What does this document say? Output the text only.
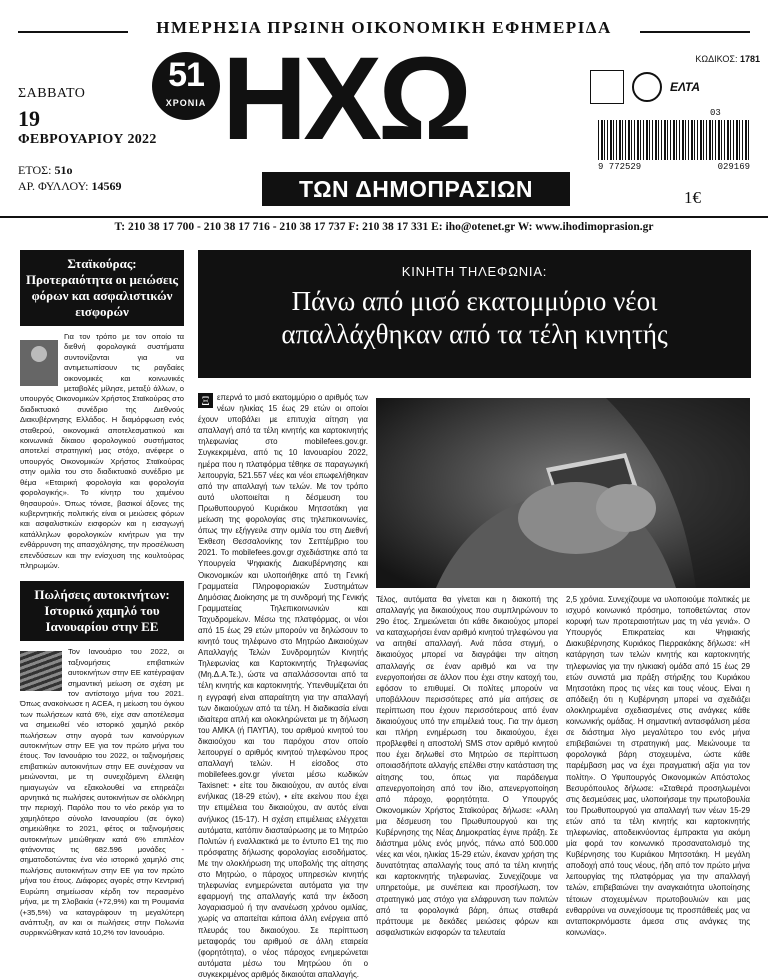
ΗΜΕΡΗΣΙΑ ΠΡΩΙΝΗ ΟΙΚΟΝΟΜΙΚΗ ΕΦΗΜΕΡΙΔΑ
ΣΑΒΒΑΤΟ
19
ΦΕΒΡΟΥΑΡΙΟΥ 2022
ΕΤΟΣ: 51ο
ΑΡ. ΦΥΛΛΟΥ: 14569
51
ΧΡΟΝΙΑ ΗΧΩ
ΤΩΝ ΔΗΜΟΠΡΑΣΙΩΝ
ΚΩΔΙΚΟΣ: 1781
ΕΛΤΑ
03
9 772529	029169
1€
T: 210 38 17 700 - 210 38 17 716 - 210 38 17 737 F: 210 38 17 331 E: iho@otenet.gr W: www.ihodimoprasion.gr
Σταϊκούρας: Προτεραιότητα οι μειώσεις φόρων και ασφαλιστικών εισφορών
Για τον τρόπο με τον οποίο τα διεθνή φορολογικά συστήματα συντονίζονται για να αντιμετωπίσουν τις ραγδαίες οικονομικές και κοινωνικές μεταβολές μίλησε, μεταξύ άλλων, ο υπουργός Οικονομικών Χρήστος Σταϊκούρας στο διαδικτυακό συνέδριο της Διεθνούς Διακυβέρνησης Ελλάδος. Η διαμόρφωση ενός σταθερού, οικονομικά αποτελεσματικού και κοινωνικά δίκαιου φορολογικού συστήματος αποτελεί στρατηγική μας στόχο, ανέφερε ο υπουργός Οικονομικών Χρήστος Σταϊκούρας στην ομιλία του στο διαδικτυακό συνέδριο με θέμα «Εταιρική φορολογία και φορολογία φορολογικής». Το κίνητρ του χαμένου θησαυρού». Όπως τόνισε, βασικοί άξονες της κυβερνητικής πολιτικής είναι οι μειώσεις φόρων και ασφαλιστικών εισφορών και η εισαγωγή κατάλληλων φορολογικών κινήτρων για την ενθάρρυνση της απασχόλησης, την προσέλκυση επενδύσεων και την ενίσχυση της κουλτούρας πληρωμών.
Πωλήσεις αυτοκινήτων: Ιστορικό χαμηλό του Ιανουαρίου στην ΕΕ
Τον Ιανουάριο του 2022, οι ταξινομήσεις επιβατικών αυτοκινήτων στην ΕΕ κατέγραψαν σημαντική μείωση σε σχέση με τον αντίστοιχο μήνα του 2021. Όπως ανακοίνωσε η ACEA, η μείωση του όγκου των πωλήσεων κατά 6%, είχε σαν αποτέλεσμα να σημειωθεί νέο ιστορικό χαμηλό ρεκόρ πωλήσεων στην αγορά των καινούργιων αυτοκινήτων στην ΕΕ για τον πρώτο μήνα του έτους. Τον Ιανουάριο του 2022, οι ταξινομήσεις επιβατικών αυτοκινήτων στην ΕΕ συνέχισαν να μειώνονται, με τη συνεχιζόμενη έλλειψη ημιαγωγών να εξακολουθεί να επηρεάζει αρνητικά τις πωλήσεις αυτοκινήτων σε ολόκληρη την περιοχή. Παρόλο που το νέο ρεκόρ για το χαμηλότερο σύνολο Ιανουαρίου (σε όγκο) σημειώθηκε το 2021, φέτος οι ταξινομήσεις αυτοκινήτων μειώθηκαν κατά 6% επιπλέον φτάνοντας τις 682.596 μονάδες - σηματοδοτώντας ένα νέο ιστορικό χαμηλό στις πωλήσεις αυτοκινήτων στην ΕΕ για τον πρώτο μήνα του έτους. Διάφορες αγορές στην Κεντρική Ευρώπη σημείωσαν κέρδη τον περασμένο μήνα, με τη Σλοβακία (+72,9%) και τη Ρουμανία (+35,5%) να καταγράφουν τη μεγαλύτερη ανάπτυξη, αν και οι πωλήσεις στην Πολωνία συρρικνώθηκαν κατά 10,2% τον Ιανουάριο.
ΚΙΝΗΤΗ ΤΗΛΕΦΩΝΙΑ:
Πάνω από μισό εκατομμύριο νέοι
απαλλάχθηκαν από τα τέλη κινητής
Ξ επερνά το μισό εκατομμύριο ο αριθμός των νέων ηλικίας 15 έως 29 ετών οι οποίοι έχουν υποβάλει με επιτυχία αίτηση για απαλλαγή από τα τέλη κινητής και καρτοκινητής τηλεφωνίας στο mobilefees.gov.gr. Συγκεκριμένα, από τις 10 Ιανουαρίου 2022, ημέρα που η πλατφόρμα τέθηκε σε παραγωγική λειτουργία, 521.557 νέες και νέοι επωφελήθηκαν από την απαλλαγή των τελών. Με τον τρόπο αυτό υλοποιείται η δέσμευση του Πρωθυπουργού Κυριάκου Μητσοτάκη για μείωση της φορολογίας στις τηλεπικοινωνίες, όπως την εξήγγειλε στην ομιλία του στη Διεθνή Έκθεση Θεσσαλονίκης τον Σεπτέμβριο του 2021. Το mobilefees.gov.gr σχεδιάστηκε από τα Υπουργεία Ψηφιακής Διακυβέρνησης και Οικονομικών και υλοποιήθηκε από τη Γενική Γραμματεία Πληροφοριακών Συστημάτων Δημόσιας Διοίκησης με τη συνδρομή της Γενικής Γραμματείας Τηλεπικοινωνιών και Ταχυδρομείων. Μέσω της πλατφόρμας, οι νέοι από 15 έως 29 ετών μπορούν να δηλώσουν το κινητό τους τηλέφωνο στο Μητρώο Δικαιούχων Απαλλαγής Τελών Συνδρομητών Κινητής Τηλεφωνίας και Καρτοκινητής Τηλεφωνίας (Μη.Δ.Α.Τε.), ώστε να απαλλάσσονται από τα τέλη κινητής και καρτοκινητής. Υπενθυμίζεται ότι η εγγραφή είναι απαραίτητη για την απαλλαγή των δικαιούχων από τα τέλη. Η διαδικασία είναι ιδιαίτερα απλή και ολοκληρώνεται με τη δήλωση του ΑΜΚΑ (ή ΠΑΥΠΑ), του αριθμού κινητού του δικαιούχου και του παρόχου στον οποίο λειτουργεί ο αριθμός κινητού τηλεφώνου προς απαλλαγή τελών. Η είσοδος στο mobilefees.gov.gr γίνεται μέσω κωδικών Taxisnet: • είτε του δικαιούχου, αν αυτός είναι ενήλικας (18-29 ετών), • είτε εκείνου που έχει την επιμέλεια του δικαιούχου, αν αυτός είναι ανήλικος (15-17). Η σχέση επιμέλειας ελέγχεται αυτόματα, κατόπιν διασταύρωσης με το Μητρώο Πολιτών ή εναλλακτικά με το έντυπο Ε1 της πιο πρόσφατης δήλωσης φορολογίας εισοδήματος. Με την ολοκλήρωση της υποβολής της αίτησης στο Μητρώο, ο πάροχος υπηρεσιών κινητής τηλεφωνίας ενημερώνεται αυτόματα για την εφαρμογή της απαλλαγής κατά την έκδοση λογαριασμού ή την ανανέωση χρόνου ομιλίας, χωρίς να απαιτείται κάποια άλλη ενέργεια από πλευράς του δικαιούχου. Σε περίπτωση μεταφοράς του αριθμού σε άλλη εταιρεία (φορητότητα), ο νέος πάροχος ενημερώνεται αυτόματα μέσω του Μητρώου ότι ο συγκεκριμένος αριθμός δικαιούται απαλλαγής.
Τέλος, αυτόματα θα γίνεται και η διακοπή της απαλλαγής για δικαιούχους που συμπληρώνουν το 29ο έτος. Σημειώνεται ότι κάθε δικαιούχος μπορεί να καταχωρήσει έναν αριθμό κινητού τηλεφώνου για να αιτηθεί απαλλαγή. Ανά πάσα στιγμή, ο δικαιούχος μπορεί να διαγράψει την αίτηση απαλλαγής σε έναν αριθμό και να την ενεργοποιήσει σε άλλον που έχει στην κατοχή του, εφόσον το επιθυμεί. Οι πολίτες μπορούν να υποβάλλουν περισσότερες από μία αιτήσεις σε περίπτωση που έχουν περισσότερους από έναν δικαιούχους υπό την επιμέλειά τους. Για την άμεση και πλήρη ενημέρωση του δικαιούχου, έχει προβλεφθεί η αποστολή SMS στον αριθμό κινητού που έχει δηλωθεί στο Μητρώο σε περίπτωση οποιασδήποτε αλλαγής επέλθει στην κατάσταση της αίτησης του, όπως για παράδειγμα απενεργοποίηση από τον ίδιο, απενεργοποίηση από πάροχο, φορητότητα. Ο Υπουργός Οικονομικών Χρήστος Σταϊκούρας δήλωσε: «Αλλη μια δέσμευση του Πρωθυπουργού και της Κυβέρνησης της Νέας Δημοκρατίας έγινε πράξη. Σε διάστημα μόλις ενός μηνός, πάνω από 500.000 νέες και νέοι, ηλικίας 15-29 ετών, έκαναν χρήση της δυνατότητας απαλλαγής τους από τα τέλη κινητής και καρτοκινητής τηλεφωνίας. Συνεχίζουμε να υπηρετούμε, με συνέπεια και προσήλωση, τον στρατηγικό μας στόχο για ελάφρυνση των πολιτών από τα φορολογικά βάρη, όπως σταθερά πράττουμε με δεκάδες μειώσεις φόρων και ασφαλιστικών εισφορών τα τελευταία
2,5 χρόνια. Συνεχίζουμε να υλοποιούμε πολιτικές με ισχυρό κοινωνικό πρόσημο, τοποθετώντας στον κορυφή των προτεραιοτήτων μας τη νέα γενιά». Ο Υπουργός Επικρατείας και Ψηφιακής Διακυβέρνησης Κυριάκος Πιερρακάκης δήλωσε: «Η κατάργηση των τελών κινητής και καρτοκινητής τηλεφωνίας για την ηλικιακή ομάδα από 15 έως 29 ετών συνιστά μια πράξη στήριξης του Κυριάκου Μητσοτάκη προς τις νέες και τους νέους. Είναι η απόδειξη ότι η Κυβέρνηση μπορεί να σχεδιάζει ολοκληρωμένα σχεδιασμένες στις ανάγκες κάθε κοινωνικής ομάδας. Η σημαντική αντασφάλιση μέσα σε διάστημα λίγο μεγαλύτερο του ενός μήνα επιβεβαιώνει τη στρατηγική μας. Μειώνουμε τα φορολογικά βάρη στοχευμένα, ώστε κάθε παρέμβαση μας να έχει πραγματική αξία για τον πολίτη». Ο Υφυπουργός Οικονομικών Απόστολος Βεσυρόπουλος δήλωσε: «Σταθερά προσηλωμένοι στις δεσμεύσεις μας, υλοποιήσαμε την πρωτοβουλία του Πρωθυπουργού για απαλλαγή των νέων 15-29 ετών από τα τέλη κινητής και καρτοκινητής τηλεφωνίας, αποδεικνύοντας έμπρακτα για ακόμη μία φορά τον κοινωνικό προσανατολισμό της Κυβέρνησης του Κυριάκου Μητσοτάκη. Η μεγάλη αποδοχή από τους νέους, ήδη από τον πρώτο μήνα λειτουργίας της πλατφόρμας για την απαλλαγή τελών, επιβεβαιώνει την αναγκαιότητα υλοποίησης τέτοιων στοχευμένων πρωτοβουλιών και μας ενθαρρύνει να συνεχίσουμε τις προσπάθειές μας να ανταποκρινόμαστε άμεσα στις ανάγκες της κοινωνίας».
